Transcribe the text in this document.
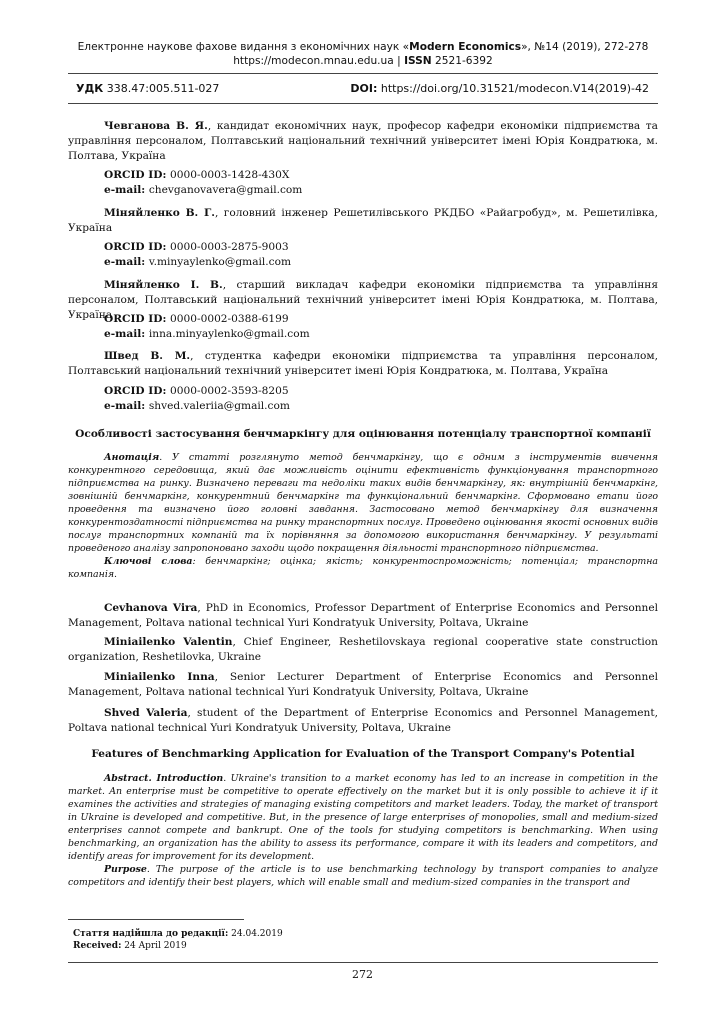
Електронне наукове фахове видання з економічних наук «Modern Economics», №14 (2019), 272-278
https://modecon.mnau.edu.ua | ISSN 2521-6392
УДК 338.47:005.511-027	DOI: https://doi.org/10.31521/modecon.V14(2019)-42
Чевганова В. Я., кандидат економічних наук, професор кафедри економіки підприємства та управління персоналом, Полтавський національний технічний університет імені Юрія Кондратюка, м. Полтава, Україна
ORCID ID: 0000-0003-1428-430X
e-mail: chevganovavera@gmail.com
Міняйленко В. Г., головний інженер Решетилівського РКДБО «Райагробуд», м. Решетилівка, Україна
ORCID ID: 0000-0003-2875-9003
e-mail: v.minyaylenko@gmail.com
Міняйленко І. В., старший викладач кафедри економіки підприємства та управління персоналом, Полтавський національний технічний університет імені Юрія Кондратюка, м. Полтава, Україна
ORCID ID: 0000-0002-0388-6199
e-mail: inna.minyaylenko@gmail.com
Швед В. М., студентка кафедри економіки підприємства та управління персоналом, Полтавський національний технічний університет імені Юрія Кондратюка, м. Полтава, Україна
ORCID ID: 0000-0002-3593-8205
e-mail: shved.valeriia@gmail.com
Особливості застосування бенчмаркінгу для оцінювання потенціалу транспортної компанії
Анотація. У статті розглянуто метод бенчмаркінгу, що є одним з інструментів вивчення конкурентного середовища, який дає можливість оцінити ефективність функціонування транспортного підприємства на ринку. Визначено переваги та недоліки таких видів бенчмаркінгу, як: внутрішній бенчмаркінг, зовнішній бенчмаркінг, конкурентний бенчмаркінг та функціональний бенчмаркінг. Сформовано етапи його проведення та визначено його головні завдання. Застосовано метод бенчмаркінгу для визначення конкурентоздатності підприємства на ринку транспортних послуг. Проведено оцінювання якості основних видів послуг транспортних компаній та їх порівняння за допомогою використання бенчмаркінгу. У результаті проведеного аналізу запропоновано заходи щодо покращення діяльності транспортного підприємства.
Ключові слова: бенчмаркінг; оцінка; якість; конкурентоспроможність; потенціал; транспортна компанія.
Cevhanova Vira, PhD in Economics, Professor Department of Enterprise Economics and Personnel Management, Poltava national technical Yuri Kondratyuk University, Poltava, Ukraine
Miniailenko Valentin, Chief Engineer, Reshetilovskaya regional cooperative state construction organization, Reshetilovka, Ukraine
Miniailenko Inna, Senior Lecturer Department of Enterprise Economics and Personnel Management, Poltava national technical Yuri Kondratyuk University, Poltava, Ukraine
Shved Valeria, student of the Department of Enterprise Economics and Personnel Management, Poltava national technical Yuri Kondratyuk University, Poltava, Ukraine
Features of Benchmarking Application for Evaluation of the Transport Company's Potential
Abstract. Introduction. Ukraine's transition to a market economy has led to an increase in competition in the market. An enterprise must be competitive to operate effectively on the market but it is only possible to achieve it if it examines the activities and strategies of managing existing competitors and market leaders. Today, the market of transport in Ukraine is developed and competitive. But, in the presence of large enterprises of monopolies, small and medium-sized enterprises cannot compete and bankrupt. One of the tools for studying competitors is benchmarking. When using benchmarking, an organization has the ability to assess its performance, compare it with its leaders and competitors, and identify areas for improvement for its development.
Purpose. The purpose of the article is to use benchmarking technology by transport companies to analyze competitors and identify their best players, which will enable small and medium-sized companies in the transport and
Стаття надійшла до редакції: 24.04.2019
Received: 24 April 2019
272
